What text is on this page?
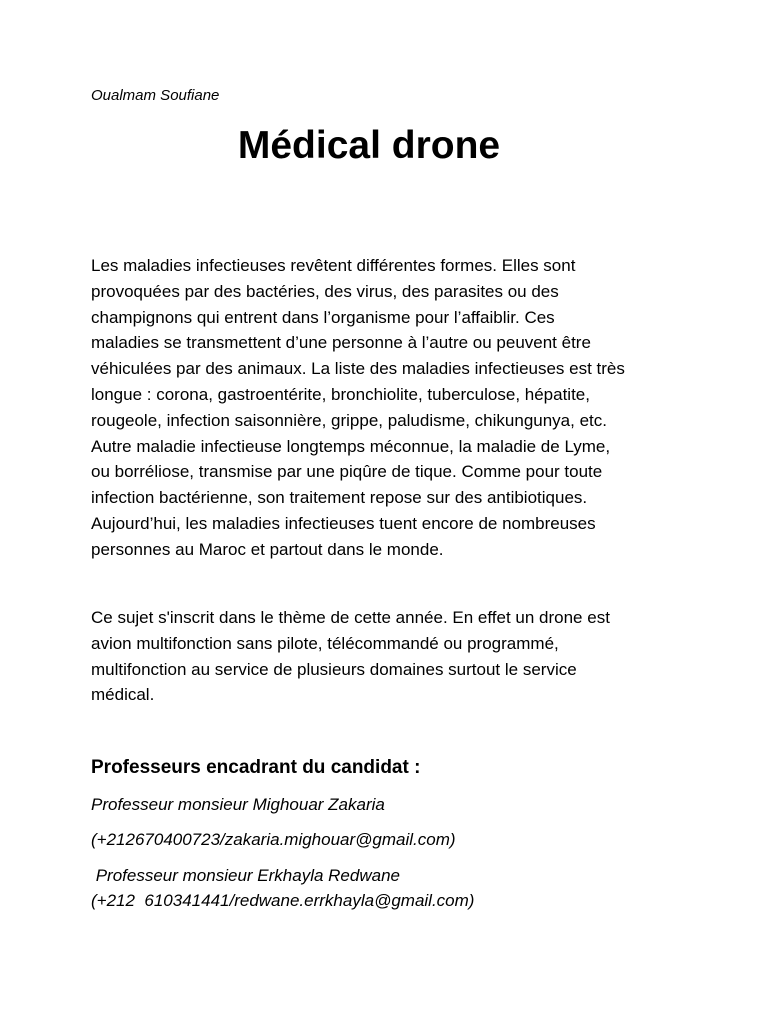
Oualmam Soufiane
Médical drone

Les maladies infectieuses revêtent différentes formes. Elles sont
provoquées par des bactéries, des virus, des parasites ou des
champignons qui entrent dans l’organisme pour l’affaiblir. Ces
maladies se transmettent d’une personne à l’autre ou peuvent être
véhiculées par des animaux. La liste des maladies infectieuses est très
longue : corona, gastroentérite, bronchiolite, tuberculose, hépatite,
rougeole, infection saisonnière, grippe, paludisme, chikungunya, etc.
Autre maladie infectieuse longtemps méconnue, la maladie de Lyme,
ou borréliose, transmise par une piqûre de tique. Comme pour toute
infection bactérienne, son traitement repose sur des antibiotiques.
Aujourd’hui, les maladies infectieuses tuent encore de nombreuses
personnes au Maroc et partout dans le monde.

Ce sujet s'inscrit dans le thème de cette année. En effet un drone est
avion multifonction sans pilote, télécommandé ou programmé,
multifonction au service de plusieurs domaines surtout le service
médical.

Professeurs encadrant du candidat :
Professeur monsieur Mighouar Zakaria
(+212670400723/zakaria.mighouar@gmail.com)
Professeur monsieur Erkhayla Redwane
(+212  610341441/redwane.errkhayla@gmail.com)
